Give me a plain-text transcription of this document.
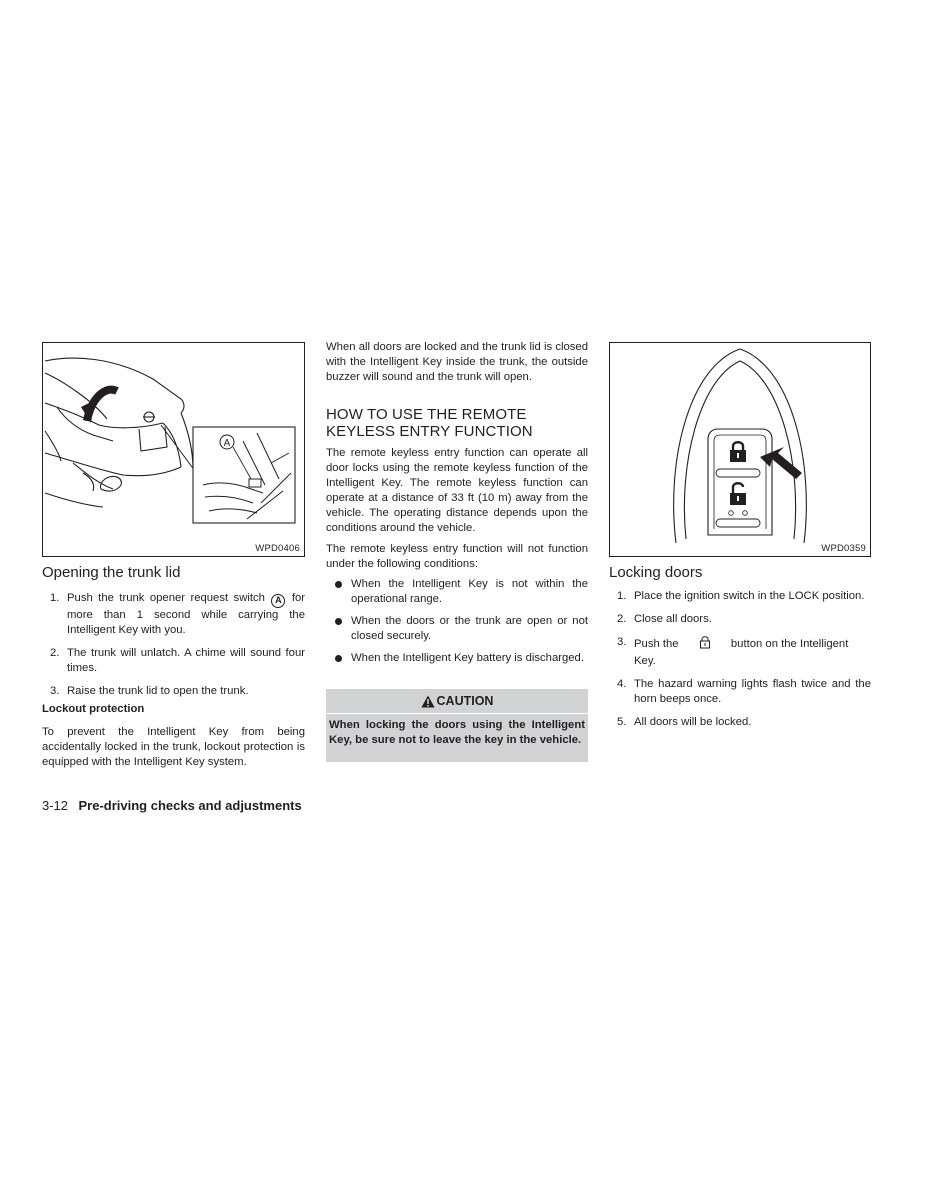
A
WPD0406
Opening the trunk lid
1. Push the trunk opener request switch A for more than 1 second while carrying the Intelligent Key with you.
2. The trunk will unlatch. A chime will sound four times.
3. Raise the trunk lid to open the trunk.
Lockout protection
To prevent the Intelligent Key from being accidentally locked in the trunk, lockout protection is equipped with the Intelligent Key system.
When all doors are locked and the trunk lid is closed with the Intelligent Key inside the trunk, the outside buzzer will sound and the trunk will open.
HOW TO USE THE REMOTE
KEYLESS ENTRY FUNCTION
The remote keyless entry function can operate all door locks using the remote keyless function of the Intelligent Key. The remote keyless function can operate at a distance of 33 ft (10 m) away from the vehicle. The operating distance depends upon the conditions around the vehicle.
The remote keyless entry function will not function under the following conditions:
When the Intelligent Key is not within the operational range.
When the doors or the trunk are open or not closed securely.
When the Intelligent Key battery is discharged.
CAUTION
When locking the doors using the Intelligent Key, be sure not to leave the key in the vehicle.
WPD0359
Locking doors
1. Place the ignition switch in the LOCK position.
2. Close all doors.
3. Push the	button on the Intelligent Key.
4. The hazard warning lights flash twice and the horn beeps once.
5. All doors will be locked.
3-12 Pre-driving checks and adjustments
